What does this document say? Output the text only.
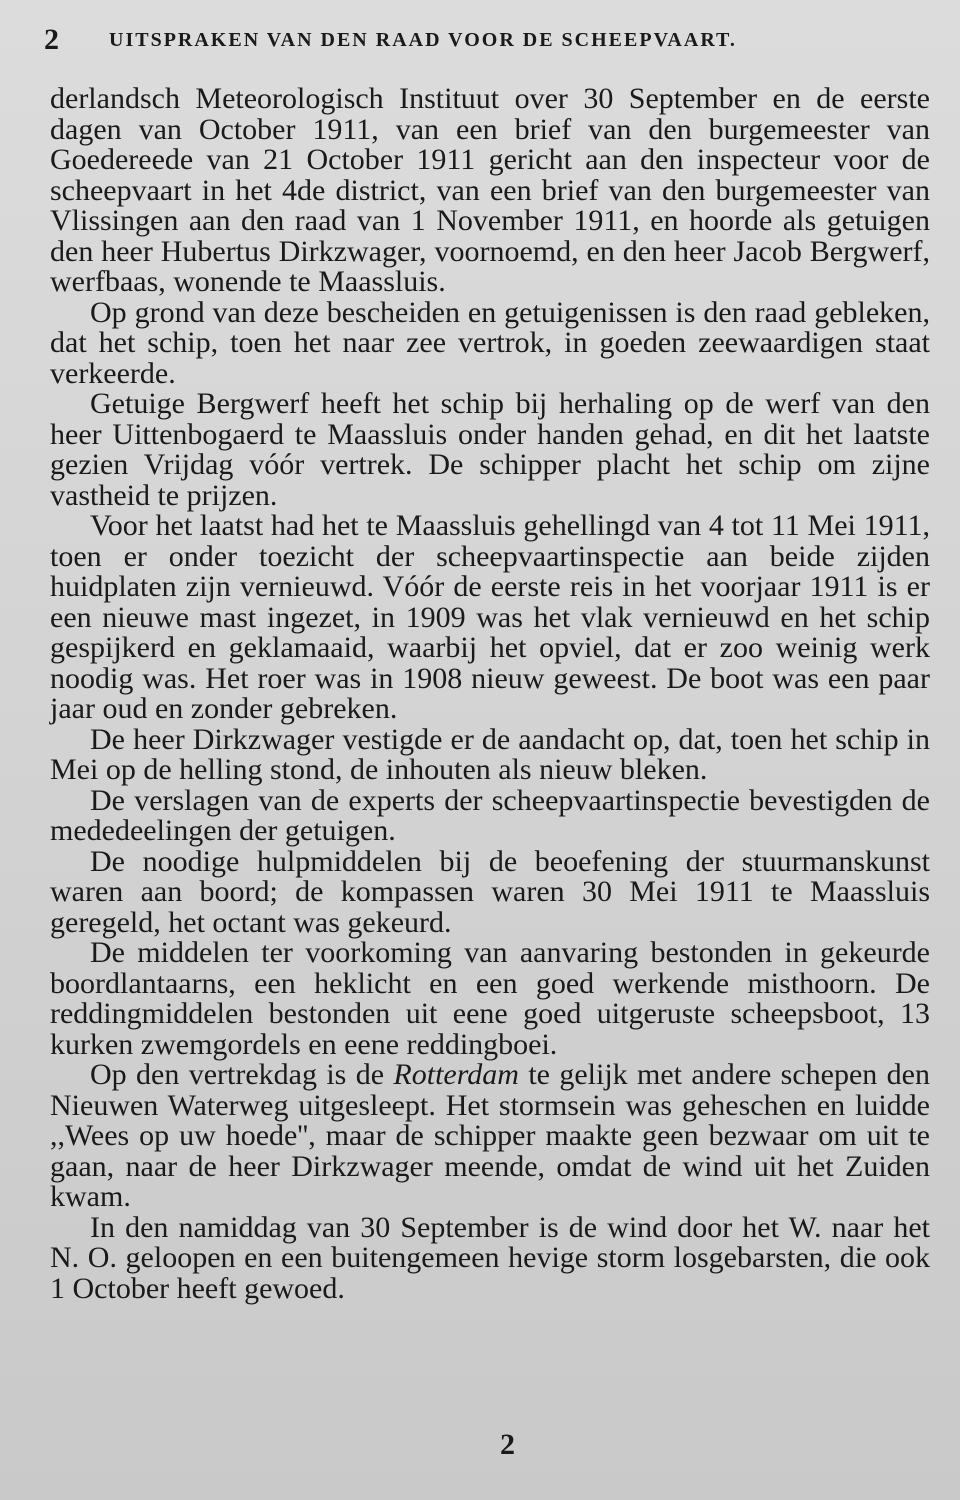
2	UITSPRAKEN VAN DEN RAAD VOOR DE SCHEEPVAART.

derlandsch Meteorologisch Instituut over 30 September en de eerste dagen van October 1911, van een brief van den burgemeester van Goedereede van 21 October 1911 gericht aan den inspecteur voor de scheepvaart in het 4de district, van een brief van den burgemeester van Vlissingen aan den raad van 1 November 1911, en hoorde als getuigen den heer Hubertus Dirkzwager, voornoemd, en den heer Jacob Bergwerf, werfbaas, wonende te Maassluis.

Op grond van deze bescheiden en getuigenissen is den raad gebleken, dat het schip, toen het naar zee vertrok, in goeden zeewaardigen staat verkeerde.

Getuige Bergwerf heeft het schip bij herhaling op de werf van den heer Uittenbogaerd te Maassluis onder handen gehad, en dit het laatste gezien Vrijdag vóór vertrek. De schipper placht het schip om zijne vastheid te prijzen.

Voor het laatst had het te Maassluis gehellingd van 4 tot 11 Mei 1911, toen er onder toezicht der scheepvaartinspectie aan beide zijden huidplaten zijn vernieuwd. Vóór de eerste reis in het voorjaar 1911 is er een nieuwe mast ingezet, in 1909 was het vlak vernieuwd en het schip gespijkerd en geklamaaid, waarbij het opviel, dat er zoo weinig werk noodig was. Het roer was in 1908 nieuw geweest. De boot was een paar jaar oud en zonder gebreken.

De heer Dirkzwager vestigde er de aandacht op, dat, toen het schip in Mei op de helling stond, de inhouten als nieuw bleken.

De verslagen van de experts der scheepvaartinspectie bevestigden de mededeelingen der getuigen.

De noodige hulpmiddelen bij de beoefening der stuurmanskunst waren aan boord; de kompassen waren 30 Mei 1911 te Maassluis geregeld, het octant was gekeurd.

De middelen ter voorkoming van aanvaring bestonden in gekeurde boordlantaarns, een heklicht en een goed werkende misthoorn. De reddingmiddelen bestonden uit eene goed uitgeruste scheepsboot, 13 kurken zwemgordels en eene reddingboei.

Op den vertrekdag is de Rotterdam te gelijk met andere schepen den Nieuwen Waterweg uitgesleept. Het stormsein was geheschen en luidde ,,Wees op uw hoede'', maar de schipper maakte geen bezwaar om uit te gaan, naar de heer Dirkzwager meende, omdat de wind uit het Zuiden kwam.

In den namiddag van 30 September is de wind door het W. naar het N. O. geloopen en een buitengemeen hevige storm losgebarsten, die ook 1 October heeft gewoed.

2
